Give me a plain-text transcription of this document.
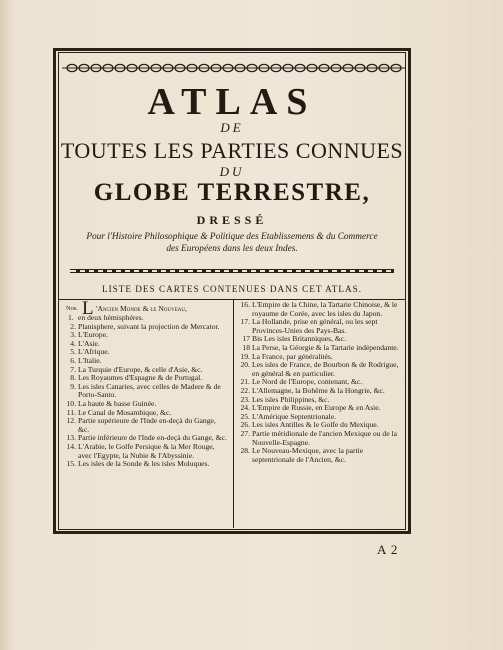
ATLAS
DE
TOUTES LES PARTIES CONNUES
DU
GLOBE TERRESTRE,
DRESSÉ
Pour l'Histoire Philosophique & Politique des Etablissemens & du Commerce
des Européens dans les deux Indes.
LISTE DES CARTES CONTENUES DANS CET ATLAS.
Nos. L 'Ancien Monde & le Nouveau,
1. en deux hémisphéres.
2. Planisphere, suivant la projection de Mercator.
3. L'Europe.
4. L'Asie.
5. L'Afrique.
6. L'Italie.
7. La Turquie d'Europe, & celle d'Asie, &c.
8. Les Royaumes d'Espagne & de Portugal.
9. Les isles Canaries, avec celles de Madere & de Porto-Santo.
10. La haute & basse Guinée.
11. Le Canal de Mosambique, &c.
12. Partie supérieure de l'Inde en-deçà du Gange, &c.
13. Partie inférieure de l'Inde en-deçà du Gange, &c.
14. L'Arabie, le Golfe Persique & la Mer Rouge, avec l'Egypte, la Nubie & l'Abyssinie.
15. Les isles de la Sonde & les isles Moluques.
16. L'Empire de la Chine, la Tartarie Chinoise, & le royaume de Corée, avec les isles du Japon.
17. La Hollande, prise en général, ou les sept Provinces-Unies des Pays-Bas.
17 Bis Les isles Britanniques, &c.
18 La Perse, la Géorgie & la Tartarie indépendante.
19. La France, par généralités.
20. Les isles de France, de Bourbon & de Rodrigue, en général & en particulier.
21. Le Nord de l'Europe, contenant, &c.
22. L'Allemagne, la Bohême & la Hongrie, &c.
23. Les isles Philippines, &c.
24. L'Empire de Russie, en Europe & en Asie.
25. L'Amérique Septentrionale.
26. Les isles Antilles & le Golfe du Mexique.
27. Partie méridionale de l'ancien Mexique ou de la Nouvelle-Espagne.
28. Le Nouveau-Mexique, avec la partie septentrionale de l'Ancien, &c.
A 2
